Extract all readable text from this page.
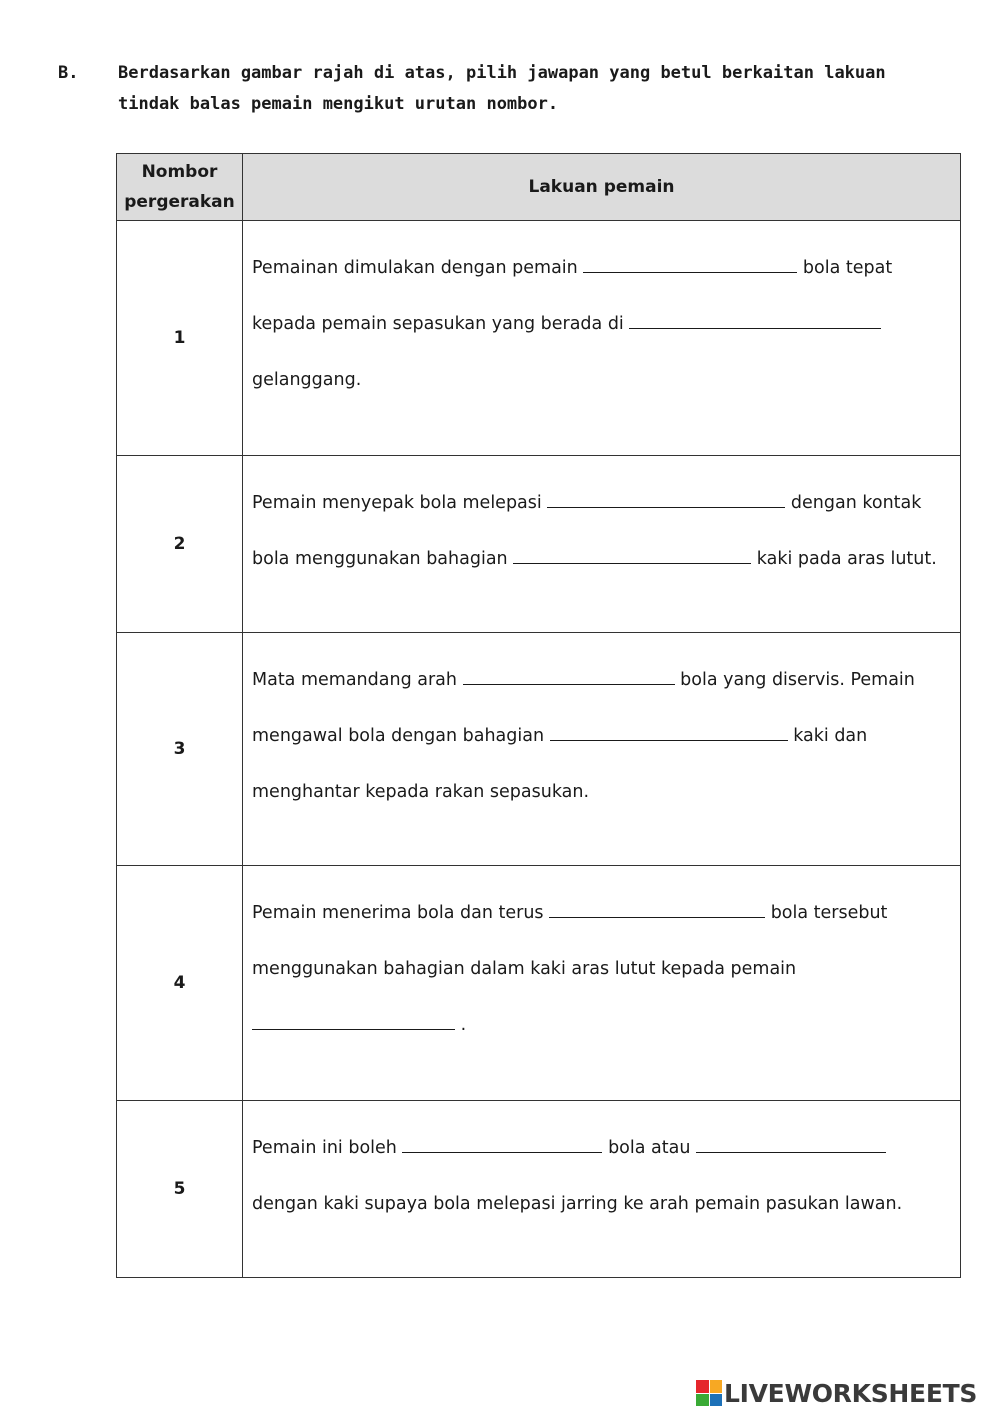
B. Berdasarkan gambar rajah di atas, pilih jawapan yang betul berkaitan lakuan tindak balas pemain mengikut urutan nombor.
Nombor pergerakan	Lakuan pemain
1	Pemainan dimulakan dengan pemain bola tepat
kepada pemain sepasukan yang berada di
gelanggang.

2	Pemain menyepak bola melepasi dengan kontak
bola menggunakan bahagian kaki pada aras lutut.

3	Mata memandang arah bola yang diservis. Pemain
mengawal bola dengan bahagian kaki dan
menghantar kepada rakan sepasukan.

4	Pemain menerima bola dan terus bola tersebut
menggunakan bahagian dalam kaki aras lutut kepada pemain
.

5	Pemain ini boleh bola atau
dengan kaki supaya bola melepasi jarring ke arah pemain pasukan lawan.
LIVEWORKSHEETS
